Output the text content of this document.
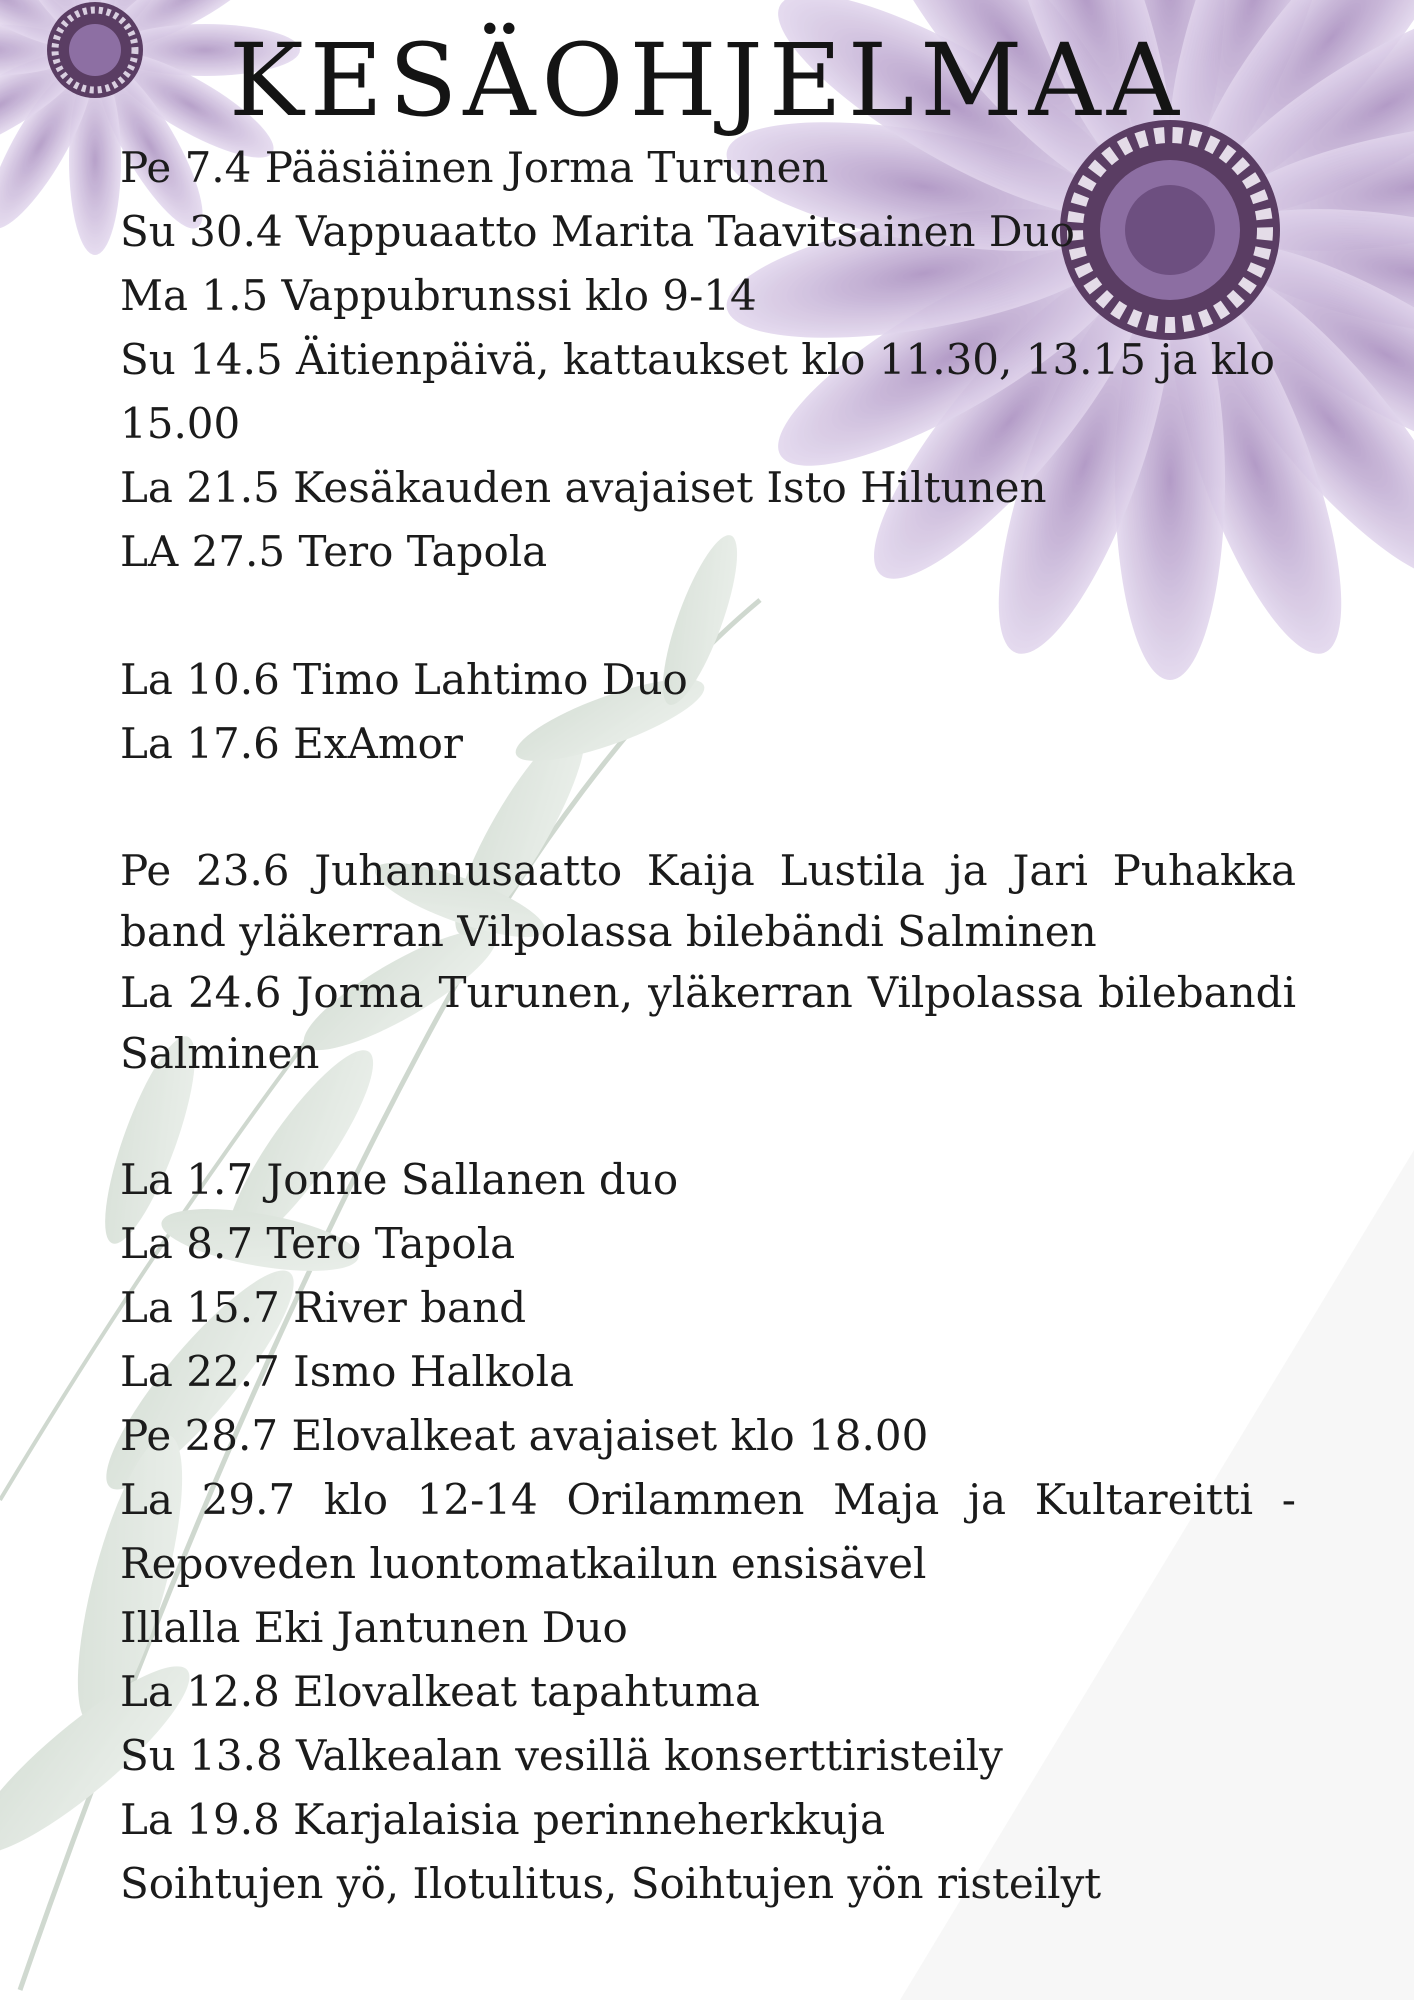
KESÄOHJELMAA
Pe 7.4 Pääsiäinen Jorma Turunen
Su 30.4 Vappuaatto Marita Taavitsainen Duo
Ma 1.5 Vappubrunssi klo 9-14
Su 14.5 Äitienpäivä, kattaukset klo 11.30, 13.15 ja klo 15.00
La 21.5 Kesäkauden avajaiset Isto Hiltunen
LA 27.5 Tero Tapola
La 10.6 Timo Lahtimo Duo
La 17.6 ExAmor
Pe 23.6 Juhannusaatto Kaija Lustila ja Jari Puhakka band yläkerran Vilpolassa bilebändi Salminen
La 24.6 Jorma Turunen, yläkerran Vilpolassa bilebandi Salminen
La 1.7 Jonne Sallanen duo
La 8.7 Tero Tapola
La 15.7 River band
La 22.7 Ismo Halkola
Pe 28.7 Elovalkeat avajaiset klo 18.00
La 29.7 klo 12-14 Orilammen Maja ja Kultareitti - Repoveden luontomatkailun ensisävel
Illalla Eki Jantunen Duo
La 12.8 Elovalkeat tapahtuma
Su 13.8 Valkealan vesillä konserttiristeily
La 19.8 Karjalaisia perinneherkkuja
Soihtujen yö, Ilotulitus, Soihtujen yön risteilyt
